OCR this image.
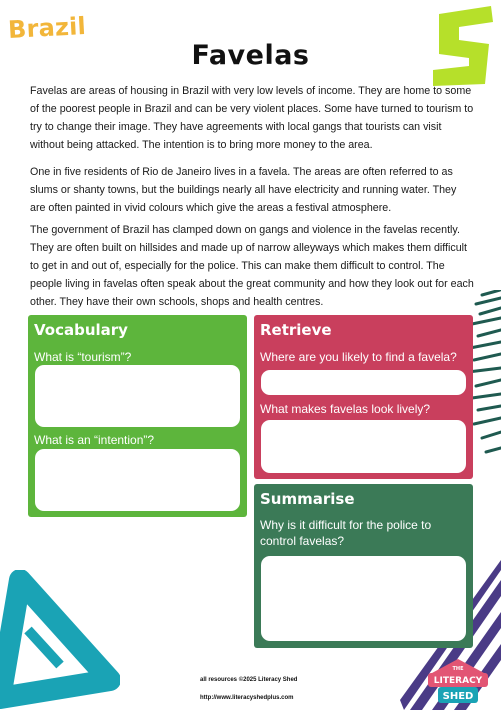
Brazil
Favelas

Favelas are areas of housing in Brazil with very low levels of income. They are home to some of the poorest people in Brazil and can be very violent places. Some have turned to tourism to try to change their image. They have agreements with local gangs that tourists can visit without being attacked. The intention is to bring more money to the area.

One in five residents of Rio de Janeiro lives in a favela. The areas are often referred to as slums or shanty towns, but the buildings nearly all have electricity and running water. They are often painted in vivid colours which give the areas a festival atmosphere.

The government of Brazil has clamped down on gangs and violence in the favelas recently. They are often built on hillsides and made up of narrow alleyways which makes them difficult to get in and out of, especially for the police. This can make them difficult to control. The people living in favelas often speak about the great community and how they look out for each other. They have their own schools, shops and health centres.

Vocabulary
What is “tourism”?
What is an “intention”?
Retrieve
Where are you likely to find a favela?
What makes favelas look lively?
Summarise
Why is it difficult for the police to control favelas?
all resources ©2025 Literacy Shed
http://www.literacyshedplus.com
THE
LITERACY
SHED
